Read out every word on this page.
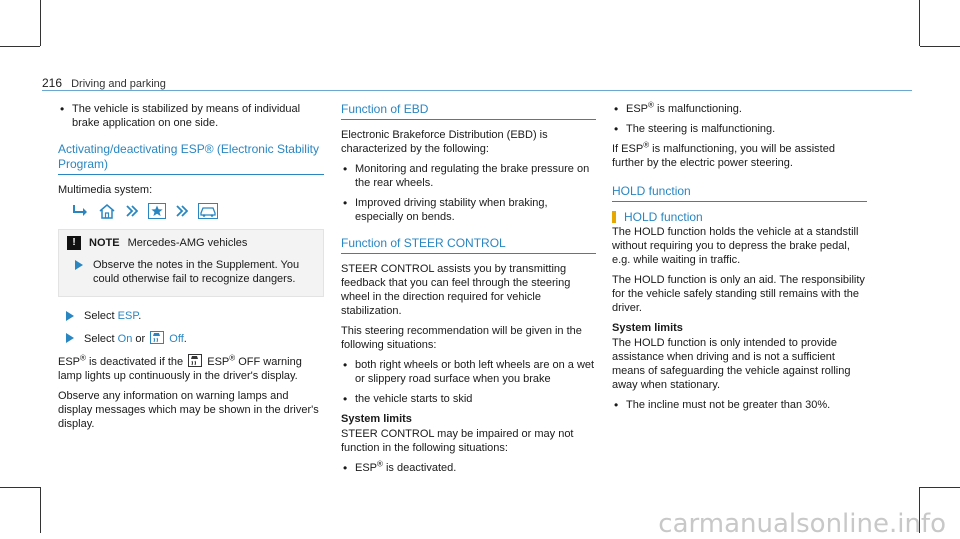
216 Driving and parking
• The vehicle is stabilized by means of individual brake application on one side.
Activating/deactivating ESP® (Electronic Stability Program)

Multimedia system:

!	NOTE Mercedes-AMG vehicles
Observe the notes in the Supplement. You could otherwise fail to recognize dangers.
Select ESP.
Select On or  Off.

ESP® is deactivated if the  ESP® OFF warning lamp lights up continuously in the driver's display.

Observe any information on warning lamps and display messages which may be shown in the driver's display.

Function of EBD

Electronic Brakeforce Distribution (EBD) is characterized by the following:

• Monitoring and regulating the brake pressure on the rear wheels.
• Improved driving stability when braking, especially on bends.
Function of STEER CONTROL

STEER CONTROL assists you by transmitting feedback that you can feel through the steering wheel in the direction required for vehicle stabilization.

This steering recommendation will be given in the following situations:

• both right wheels or both left wheels are on a wet or slippery road surface when you brake
• the vehicle starts to skid
System limits

STEER CONTROL may be impaired or may not function in the following situations:

• ESP® is deactivated.
• ESP® is malfunctioning.
• The steering is malfunctioning.

If ESP® is malfunctioning, you will be assisted further by the electric power steering.

HOLD function
HOLD function

The HOLD function holds the vehicle at a standstill without requiring you to depress the brake pedal, e.g. while waiting in traffic.

The HOLD function is only an aid. The responsibility for the vehicle safely standing still remains with the driver.

System limits

The HOLD function is only intended to provide assistance when driving and is not a sufficient means of safeguarding the vehicle against rolling away when stationary.

• The incline must not be greater than 30%.
carmanualsonline.info
